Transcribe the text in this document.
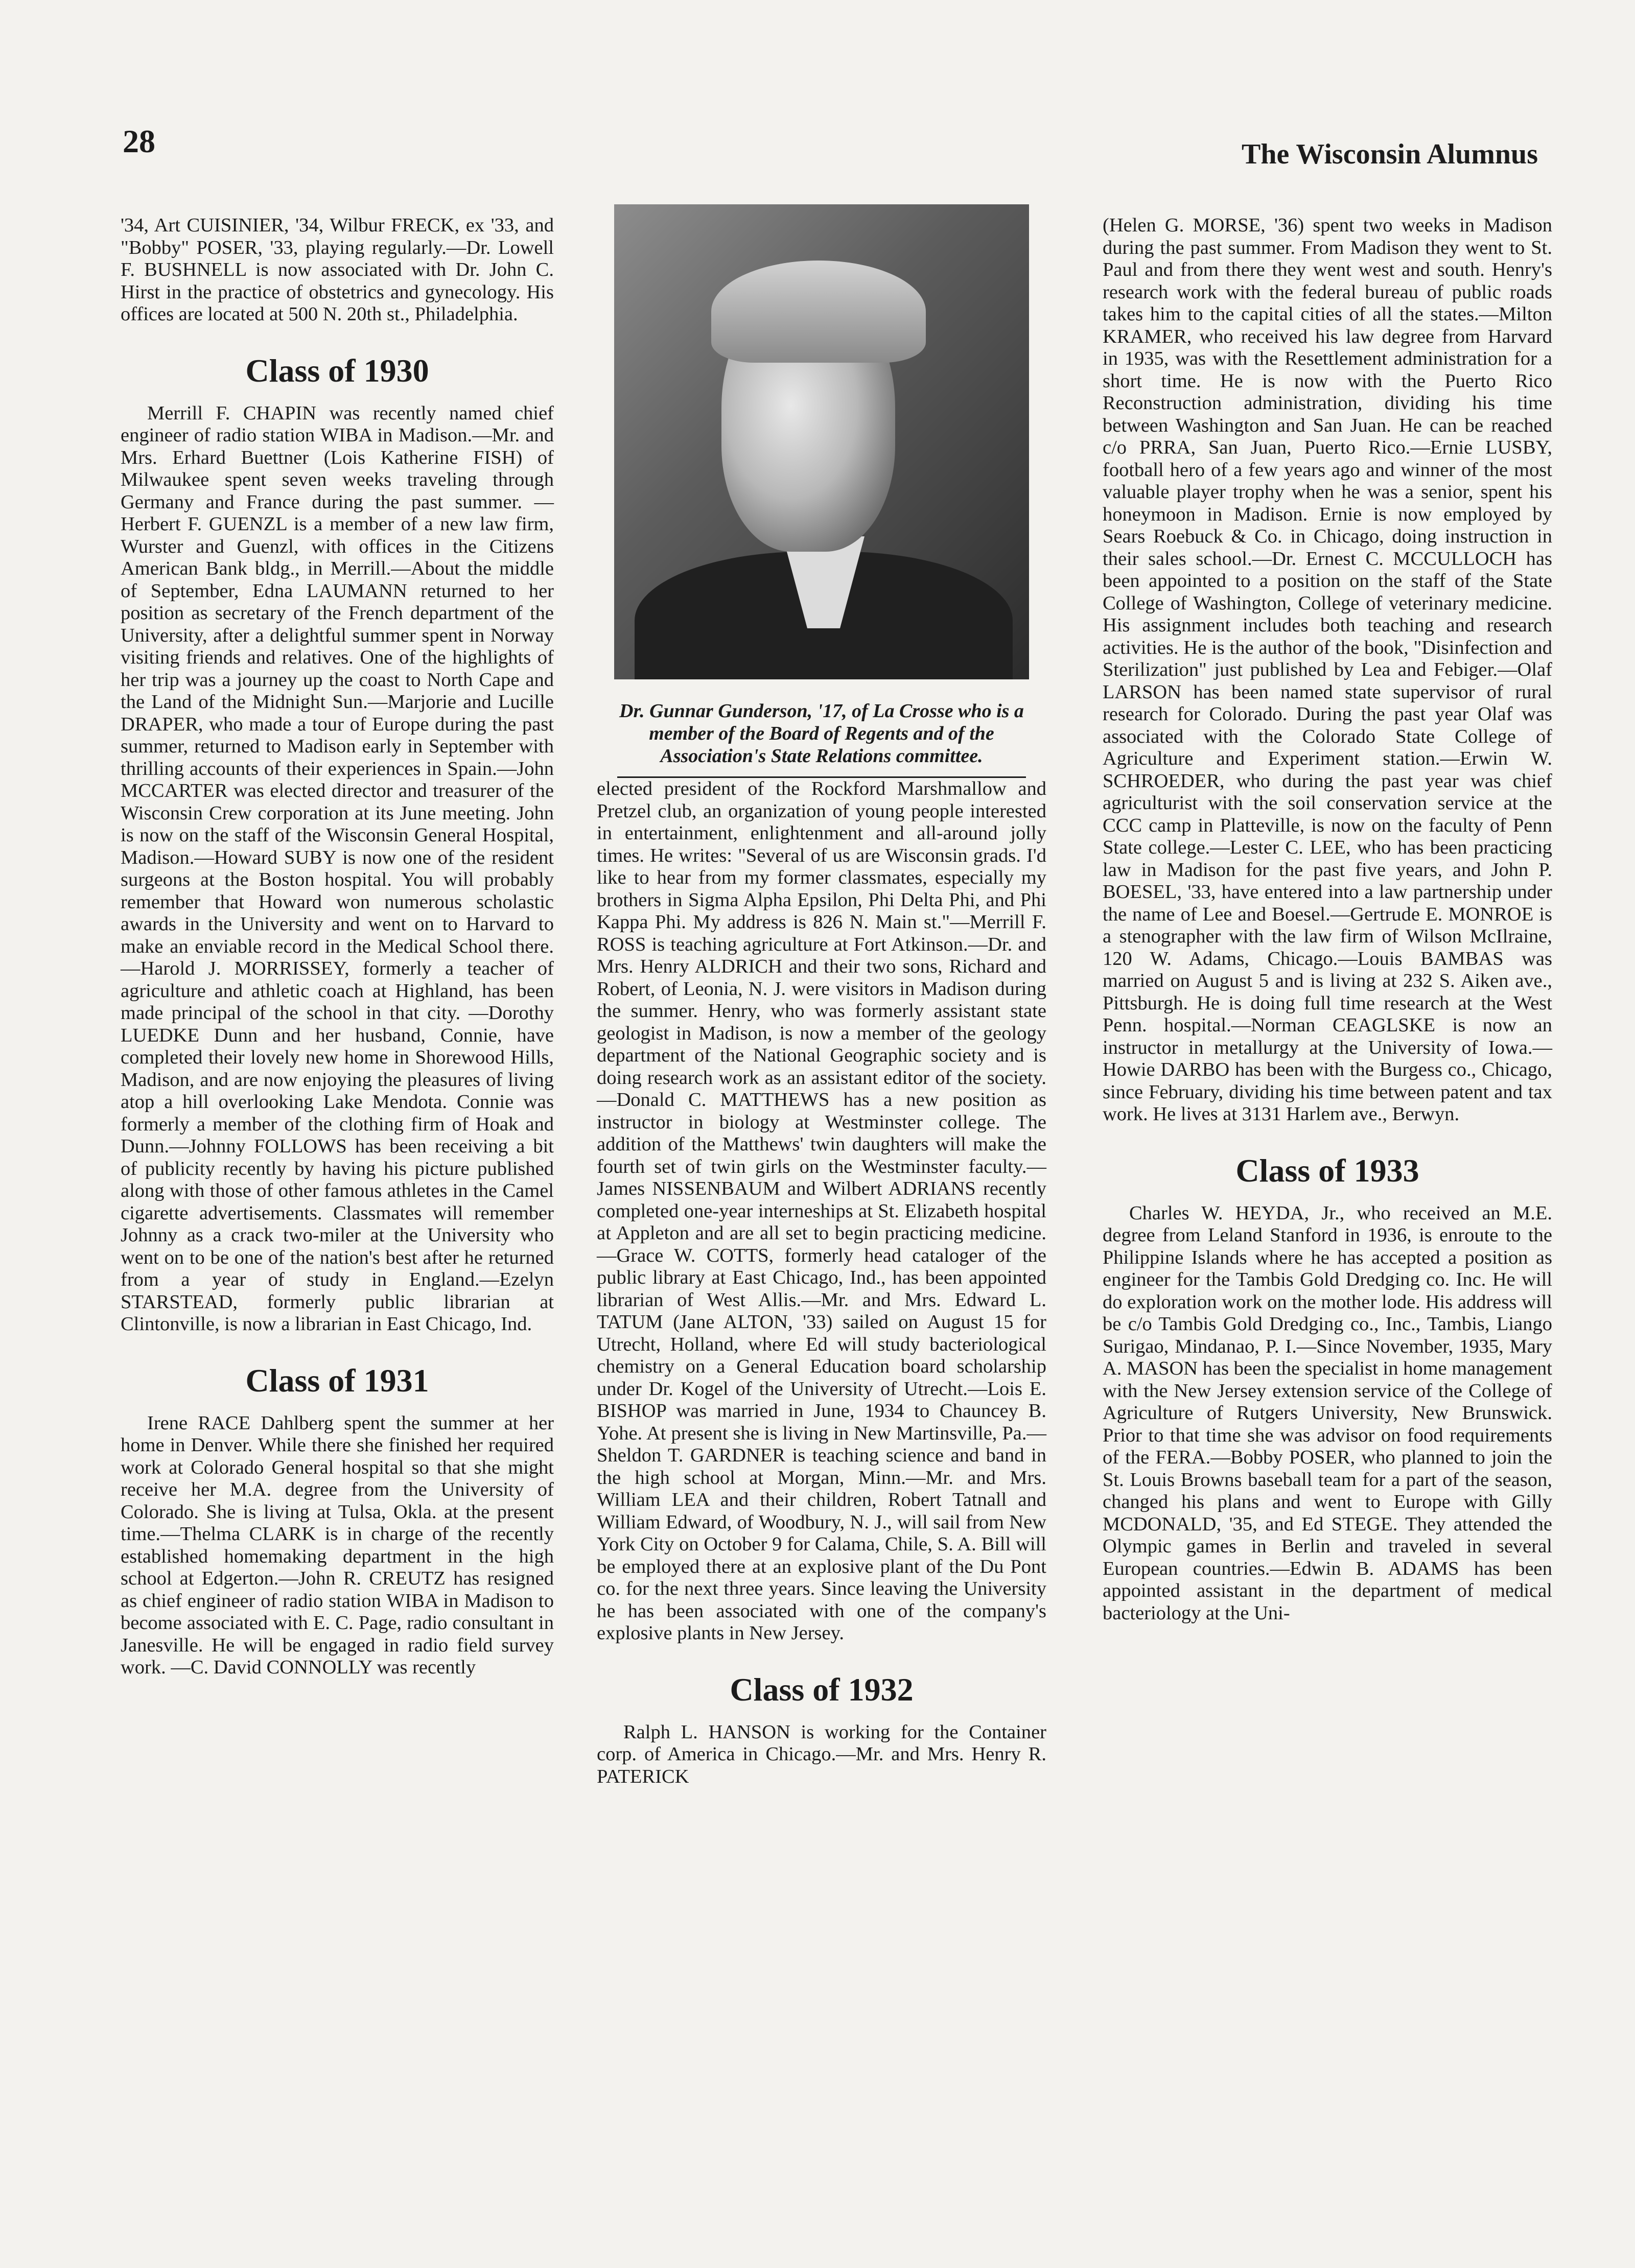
28	The Wisconsin Alumnus

'34, Art CUISINIER, '34, Wilbur FRECK, ex '33, and "Bobby" POSER, '33, playing regularly.—Dr. Lowell F. BUSHNELL is now associated with Dr. John C. Hirst in the practice of obstetrics and gynecology. His offices are located at 500 N. 20th st., Philadelphia.

Class of 1930

Merrill F. CHAPIN was recently named chief engineer of radio station WIBA in Madison.—Mr. and Mrs. Erhard Buettner (Lois Katherine FISH) of Milwaukee spent seven weeks traveling through Germany and France during the past summer. —Herbert F. GUENZL is a member of a new law firm, Wurster and Guenzl, with offices in the Citizens American Bank bldg., in Merrill.—About the middle of September, Edna LAUMANN returned to her position as secretary of the French department of the University, after a delightful summer spent in Norway visiting friends and relatives. One of the highlights of her trip was a journey up the coast to North Cape and the Land of the Midnight Sun.—Marjorie and Lucille DRAPER, who made a tour of Europe during the past summer, returned to Madison early in September with thrilling accounts of their experiences in Spain.—John MCCARTER was elected director and treasurer of the Wisconsin Crew corporation at its June meeting. John is now on the staff of the Wisconsin General Hospital, Madison.—Howard SUBY is now one of the resident surgeons at the Boston hospital. You will probably remember that Howard won numerous scholastic awards in the University and went on to Harvard to make an enviable record in the Medical School there.—Harold J. MORRISSEY, formerly a teacher of agriculture and athletic coach at Highland, has been made principal of the school in that city. —Dorothy LUEDKE Dunn and her husband, Connie, have completed their lovely new home in Shorewood Hills, Madison, and are now enjoying the pleasures of living atop a hill overlooking Lake Mendota. Connie was formerly a member of the clothing firm of Hoak and Dunn.—Johnny FOLLOWS has been receiving a bit of publicity recently by having his picture published along with those of other famous athletes in the Camel cigarette advertisements. Classmates will remember Johnny as a crack two-miler at the University who went on to be one of the nation's best after he returned from a year of study in England.—Ezelyn STARSTEAD, formerly public librarian at Clintonville, is now a librarian in East Chicago, Ind.

Class of 1931

Irene RACE Dahlberg spent the summer at her home in Denver. While there she finished her required work at Colorado General hospital so that she might receive her M.A. degree from the University of Colorado. She is living at Tulsa, Okla. at the present time.—Thelma CLARK is in charge of the recently established homemaking department in the high school at Edgerton.—John R. CREUTZ has resigned as chief engineer of radio station WIBA in Madison to become associated with E. C. Page, radio consultant in Janesville. He will be engaged in radio field survey work. —C. David CONNOLLY was recently

Dr. Gunnar Gunderson, '17, of La Crosse who is a member of the Board of Regents and of the Association's State Relations committee.

elected president of the Rockford Marshmallow and Pretzel club, an organization of young people interested in entertainment, enlightenment and all-around jolly times. He writes: "Several of us are Wisconsin grads. I'd like to hear from my former classmates, especially my brothers in Sigma Alpha Epsilon, Phi Delta Phi, and Phi Kappa Phi. My address is 826 N. Main st."—Merrill F. ROSS is teaching agriculture at Fort Atkinson.—Dr. and Mrs. Henry ALDRICH and their two sons, Richard and Robert, of Leonia, N. J. were visitors in Madison during the summer. Henry, who was formerly assistant state geologist in Madison, is now a member of the geology department of the National Geographic society and is doing research work as an assistant editor of the society.—Donald C. MATTHEWS has a new position as instructor in biology at Westminster college. The addition of the Matthews' twin daughters will make the fourth set of twin girls on the Westminster faculty.—James NISSENBAUM and Wilbert ADRIANS recently completed one-year interneships at St. Elizabeth hospital at Appleton and are all set to begin practicing medicine. —Grace W. COTTS, formerly head cataloger of the public library at East Chicago, Ind., has been appointed librarian of West Allis.—Mr. and Mrs. Edward L. TATUM (Jane ALTON, '33) sailed on August 15 for Utrecht, Holland, where Ed will study bacteriological chemistry on a General Education board scholarship under Dr. Kogel of the University of Utrecht.—Lois E. BISHOP was married in June, 1934 to Chauncey B. Yohe. At present she is living in New Martinsville, Pa.—Sheldon T. GARDNER is teaching science and band in the high school at Morgan, Minn.—Mr. and Mrs. William LEA and their children, Robert Tatnall and William Edward, of Woodbury, N. J., will sail from New York City on October 9 for Calama, Chile, S. A. Bill will be employed there at an explosive plant of the Du Pont co. for the next three years. Since leaving the University he has been associated with one of the company's explosive plants in New Jersey.

Class of 1932

Ralph L. HANSON is working for the Container corp. of America in Chicago.—Mr. and Mrs. Henry R. PATERICK

(Helen G. MORSE, '36) spent two weeks in Madison during the past summer. From Madison they went to St. Paul and from there they went west and south. Henry's research work with the federal bureau of public roads takes him to the capital cities of all the states.—Milton KRAMER, who received his law degree from Harvard in 1935, was with the Resettlement administration for a short time. He is now with the Puerto Rico Reconstruction administration, dividing his time between Washington and San Juan. He can be reached c/o PRRA, San Juan, Puerto Rico.—Ernie LUSBY, football hero of a few years ago and winner of the most valuable player trophy when he was a senior, spent his honeymoon in Madison. Ernie is now employed by Sears Roebuck & Co. in Chicago, doing instruction in their sales school.—Dr. Ernest C. MCCULLOCH has been appointed to a position on the staff of the State College of Washington, College of veterinary medicine. His assignment includes both teaching and research activities. He is the author of the book, "Disinfection and Sterilization" just published by Lea and Febiger.—Olaf LARSON has been named state supervisor of rural research for Colorado. During the past year Olaf was associated with the Colorado State College of Agriculture and Experiment station.—Erwin W. SCHROEDER, who during the past year was chief agriculturist with the soil conservation service at the CCC camp in Platteville, is now on the faculty of Penn State college.—Lester C. LEE, who has been practicing law in Madison for the past five years, and John P. BOESEL, '33, have entered into a law partnership under the name of Lee and Boesel.—Gertrude E. MONROE is a stenographer with the law firm of Wilson McIlraine, 120 W. Adams, Chicago.—Louis BAMBAS was married on August 5 and is living at 232 S. Aiken ave., Pittsburgh. He is doing full time research at the West Penn. hospital.—Norman CEAGLSKE is now an instructor in metallurgy at the University of Iowa.—Howie DARBO has been with the Burgess co., Chicago, since February, dividing his time between patent and tax work. He lives at 3131 Harlem ave., Berwyn.

Class of 1933

Charles W. HEYDA, Jr., who received an M.E. degree from Leland Stanford in 1936, is enroute to the Philippine Islands where he has accepted a position as engineer for the Tambis Gold Dredging co. Inc. He will do exploration work on the mother lode. His address will be c/o Tambis Gold Dredging co., Inc., Tambis, Liango Surigao, Mindanao, P. I.—Since November, 1935, Mary A. MASON has been the specialist in home management with the New Jersey extension service of the College of Agriculture of Rutgers University, New Brunswick. Prior to that time she was advisor on food requirements of the FERA.—Bobby POSER, who planned to join the St. Louis Browns baseball team for a part of the season, changed his plans and went to Europe with Gilly MCDONALD, '35, and Ed STEGE. They attended the Olympic games in Berlin and traveled in several European countries.—Edwin B. ADAMS has been appointed assistant in the department of medical bacteriology at the Uni-
